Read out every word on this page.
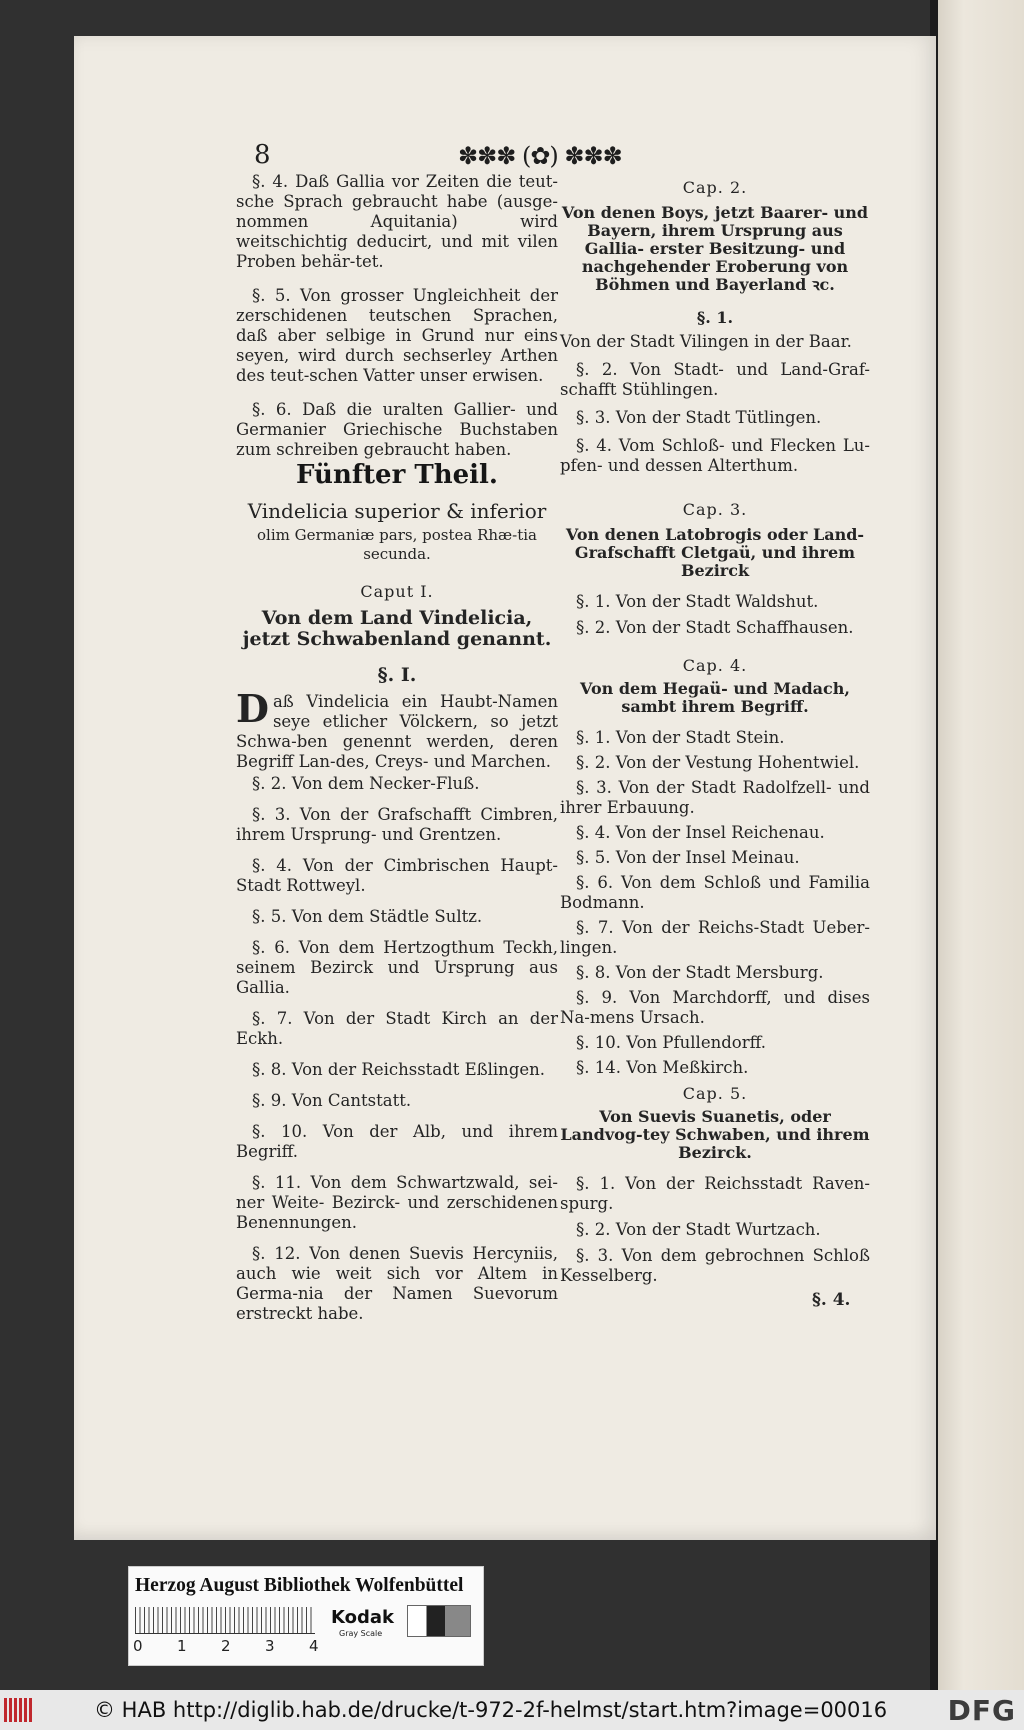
8	✽✽✽ (✿) ✽✽✽

§. 4. Daß Gallia vor Zeiten die teut-sche Sprach gebraucht habe (ausge-nommen Aquitania) wird weitschichtig deducirt, und mit vilen Proben behär-tet.

§. 5. Von grosser Ungleichheit der zerschidenen teutschen Sprachen, daß aber selbige in Grund nur eins seyen, wird durch sechserley Arthen des teut-schen Vatter unser erwisen.

§. 6. Daß die uralten Gallier- und Germanier Griechische Buchstaben zum schreiben gebraucht haben.

Fünfter Theil.
Vindelicia superior & inferior
olim Germaniæ pars, postea Rhæ-tia secunda.
Caput I.
Von dem Land Vindelicia, jetzt Schwabenland genannt.
§. I.

Daß Vindelicia ein Haubt-Namen seye etlicher Völckern, so jetzt Schwa-ben genennt werden, deren Begriff Lan-des, Creys- und Marchen.

§. 2. Von dem Necker-Fluß.

§. 3. Von der Grafschafft Cimbren, ihrem Ursprung- und Grentzen.

§. 4. Von der Cimbrischen Haupt-Stadt Rottweyl.

§. 5. Von dem Städtle Sultz.

§. 6. Von dem Hertzogthum Teckh, seinem Bezirck und Ursprung aus Gallia.

§. 7. Von der Stadt Kirch an der Eckh.

§. 8. Von der Reichsstadt Eßlingen.

§. 9. Von Cantstatt.

§. 10. Von der Alb, und ihrem Begriff.

§. 11. Von dem Schwartzwald, sei-ner Weite- Bezirck- und zerschidenen Benennungen.

§. 12. Von denen Suevis Hercyniis, auch wie weit sich vor Altem in Germa-nia der Namen Suevorum erstreckt habe.

Cap. 2.
Von denen Boys, jetzt Baarer- und Bayern, ihrem Ursprung aus Gallia- erster Besitzung- und nachgehender Eroberung von Böhmen und Bayerland ꝛc.
§. 1.

Von der Stadt Vilingen in der Baar.

§. 2. Von Stadt- und Land-Graf-schafft Stühlingen.

§. 3. Von der Stadt Tütlingen.

§. 4. Vom Schloß- und Flecken Lu-pfen- und dessen Alterthum.

Cap. 3.
Von denen Latobrogis oder Land-Grafschafft Cletgaü, und ihrem Bezirck

§. 1. Von der Stadt Waldshut.

§. 2. Von der Stadt Schaffhausen.

Cap. 4.
Von dem Hegaü- und Madach, sambt ihrem Begriff.

§. 1. Von der Stadt Stein.

§. 2. Von der Vestung Hohentwiel.

§. 3. Von der Stadt Radolfzell- und ihrer Erbauung.

§. 4. Von der Insel Reichenau.

§. 5. Von der Insel Meinau.

§. 6. Von dem Schloß und Familia Bodmann.

§. 7. Von der Reichs-Stadt Ueber-lingen.

§. 8. Von der Stadt Mersburg.

§. 9. Von Marchdorff, und dises Na-mens Ursach.

§. 10. Von Pfullendorff.

§. 14. Von Meßkirch.

Cap. 5.
Von Suevis Suanetis, oder Landvog-tey Schwaben, und ihrem Bezirck.

§. 1. Von der Reichsstadt Raven-spurg.

§. 2. Von der Stadt Wurtzach.

§. 3. Von dem gebrochnen Schloß Kesselberg.

§. 4.
Herzog August Bibliothek Wolfenbüttel
0 1 2 3 4
Kodak
Gray Scale
© HAB http://diglib.hab.de/drucke/t-972-2f-helmst/start.htm?image=00016 DFG
